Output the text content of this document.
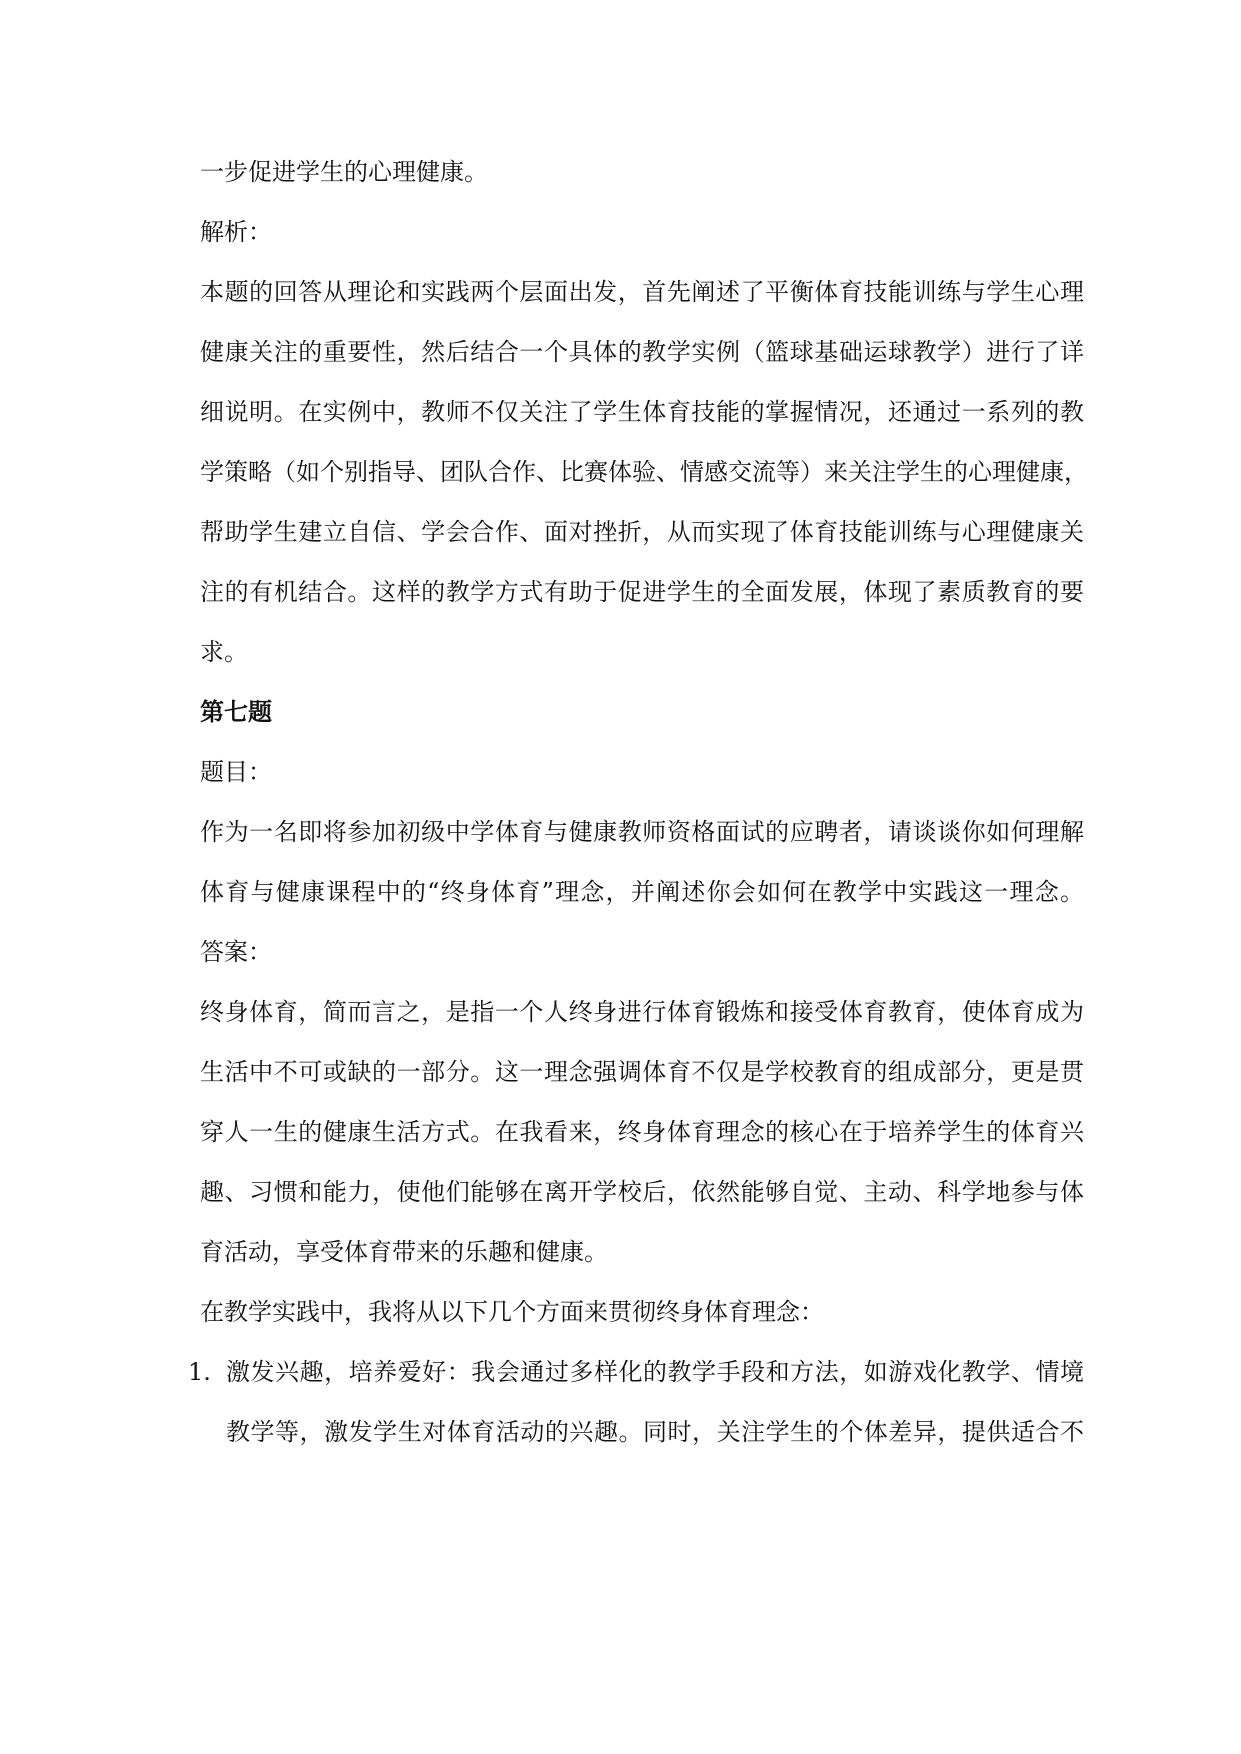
一步促进学生的心理健康。

解析：

本题的回答从理论和实践两个层面出发，首先阐述了平衡体育技能训练与学生心理

健康关注的重要性，然后结合一个具体的教学实例（篮球基础运球教学）进行了详

细说明。在实例中，教师不仅关注了学生体育技能的掌握情况，还通过一系列的教

学策略（如个别指导、团队合作、比赛体验、情感交流等）来关注学生的心理健康，

帮助学生建立自信、学会合作、面对挫折，从而实现了体育技能训练与心理健康关

注的有机结合。这样的教学方式有助于促进学生的全面发展，体现了素质教育的要

求。

第七题

题目：

作为一名即将参加初级中学体育与健康教师资格面试的应聘者，请谈谈你如何理解

体育与健康课程中的“终身体育”理念，并阐述你会如何在教学中实践这一理念。

答案：

终身体育，简而言之，是指一个人终身进行体育锻炼和接受体育教育，使体育成为

生活中不可或缺的一部分。这一理念强调体育不仅是学校教育的组成部分，更是贯

穿人一生的健康生活方式。在我看来，终身体育理念的核心在于培养学生的体育兴

趣、习惯和能力，使他们能够在离开学校后，依然能够自觉、主动、科学地参与体

育活动，享受体育带来的乐趣和健康。

在教学实践中，我将从以下几个方面来贯彻终身体育理念：

1. 激发兴趣，培养爱好：我会通过多样化的教学手段和方法，如游戏化教学、情境

教学等，激发学生对体育活动的兴趣。同时，关注学生的个体差异，提供适合不
